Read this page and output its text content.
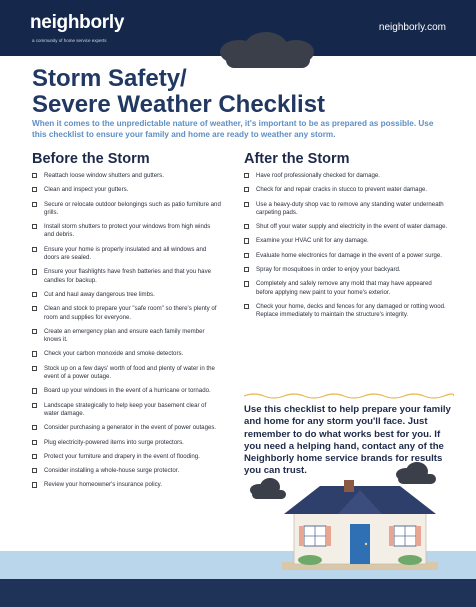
neighborly
a community of home service experts
neighborly.com
Storm Safety/
Severe Weather Checklist
When it comes to the unpredictable nature of weather, it's important to be as prepared as possible. Use this checklist to ensure your family and home are ready to weather any storm.
Before the Storm
Reattach loose window shutters and gutters.
Clean and inspect your gutters.
Secure or relocate outdoor belongings such as patio furniture and grills.
Install storm shutters to protect your windows from high winds and debris.
Ensure your home is properly insulated and all windows and doors are sealed.
Ensure your flashlights have fresh batteries and that you have candles for backup.
Cut and haul away dangerous tree limbs.
Clean and stock to prepare your "safe room" so there's plenty of room and supplies for everyone.
Create an emergency plan and ensure each family member knows it.
Check your carbon monoxide and smoke detectors.
Stock up on a few days' worth of food and plenty of water in the event of a power outage.
Board up your windows in the event of a hurricane or tornado.
Landscape strategically to help keep your basement clear of water damage.
Consider purchasing a generator in the event of power outages.
Plug electricity-powered items into surge protectors.
Protect your furniture and drapery in the event of flooding.
Consider installing a whole-house surge protector.
Review your homeowner's insurance policy.
After the Storm
Have roof professionally checked for damage.
Check for and repair cracks in stucco to prevent water damage.
Use a heavy-duty shop vac to remove any standing water underneath carpeting pads.
Shut off your water supply and electricity in the event of water damage.
Examine your HVAC unit for any damage.
Evaluate home electronics for damage in the event of a power surge.
Spray for mosquitoes in order to enjoy your backyard.
Completely and safely remove any mold that may have appeared before applying new paint to your home's exterior.
Check your home, decks and fences for any damaged or rotting wood. Replace immediately to maintain the structure's integrity.
Use this checklist to help prepare your family and home for any storm you'll face. Just remember to do what works best for you. If you need a helping hand, contact any of the Neighborly home service brands for results you can trust.
